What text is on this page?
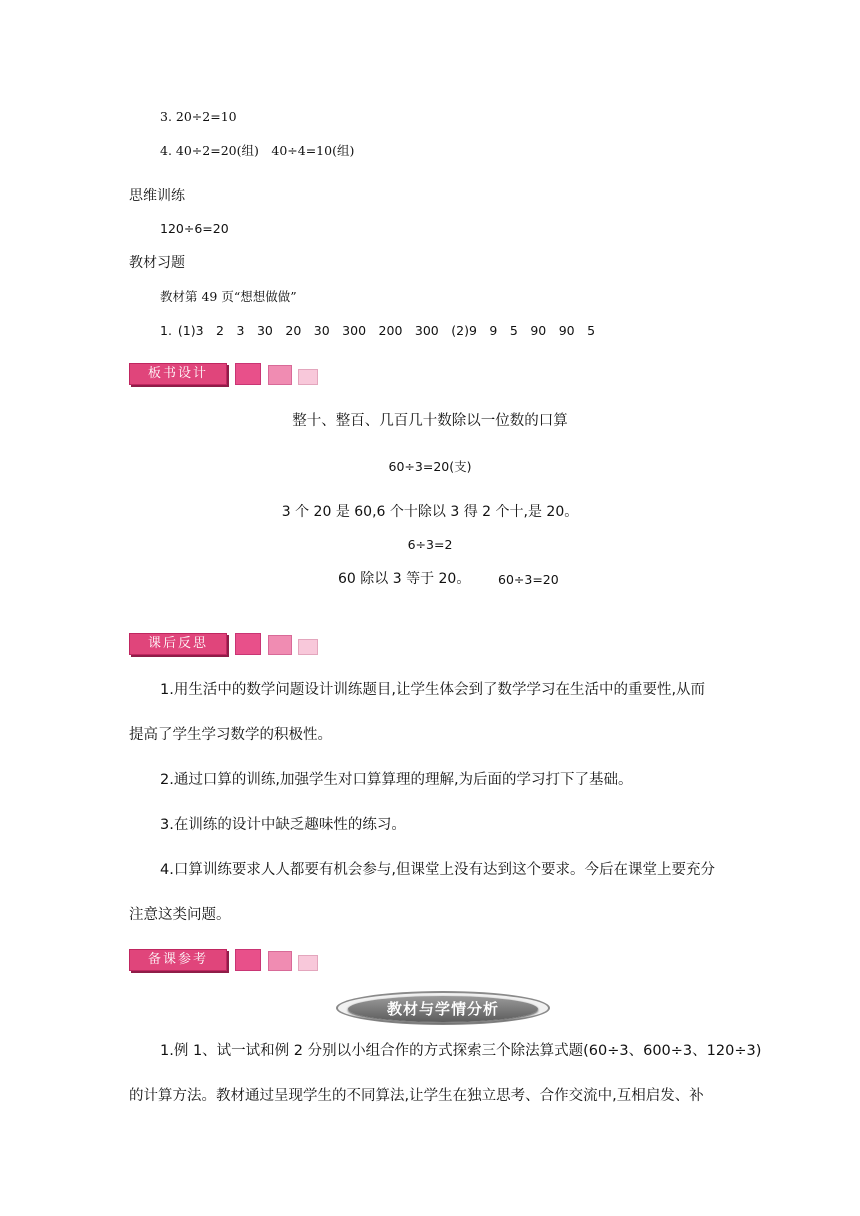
3. 20÷2=10
4. 40÷2=20(组)　40÷4=10(组)
思维训练
120÷6=20
教材习题
教材第 49 页“想想做做”
1. (1)3　2　3　30　20　30　300　200　300　(2)9　9　5　90　90　5
板书设计
整十、整百、几百几十数除以一位数的口算
60÷3=20(支)
3 个 20 是 60,6 个十除以 3 得 2 个十,是 20。
6÷3=2
60 除以 3 等于 20。 60÷3=20
课后反思
1.用生活中的数学问题设计训练题目,让学生体会到了数学学习在生活中的重要性,从而
提高了学生学习数学的积极性。
2.通过口算的训练,加强学生对口算算理的理解,为后面的学习打下了基础。
3.在训练的设计中缺乏趣味性的练习。
4.口算训练要求人人都要有机会参与,但课堂上没有达到这个要求。今后在课堂上要充分
注意这类问题。
备课参考
教材与学情分析
1.例 1、试一试和例 2 分别以小组合作的方式探索三个除法算式题(60÷3、600÷3、120÷3)
的计算方法。教材通过呈现学生的不同算法,让学生在独立思考、合作交流中,互相启发、补
